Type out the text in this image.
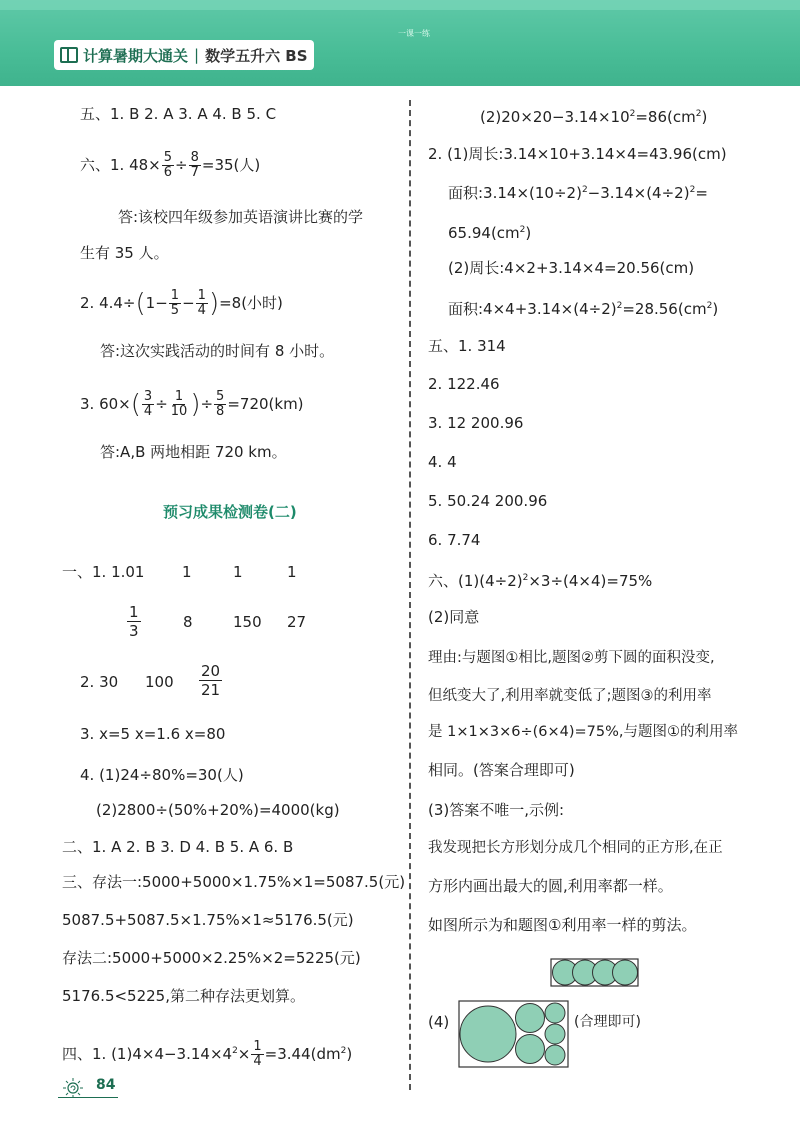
一课一练
计算暑期大通关 | 数学五升六 BS
五、1. B 2. A 3. A 4. B 5. C
六、1. $48\times \frac{5}{6} \div \frac{8}{7} =35$(人)
答:该校四年级参加英语演讲比赛的学
生有 35 人。
2. $4.4\div(1- \frac{1}{5} - \frac{1}{4} )=8$(小时)
答:这次实践活动的时间有 8 小时。
3. $60\times( \frac{3}{4} \div \frac{1}{10}$ )÷ $\frac{5}{8} =720(km)$
答:A,B 两地相距 720 km。
预习成果检测卷(二)
一、1. 1.01	1	1	1
$\frac{1}{3}$	8	150 27
2. 30 $100 \frac{20}{21}$
3. x=5 x=1.6 x=80
4. (1)24÷80%=30(人)
(2)2800÷(50%+20%)=4000(kg)
二、1. A 2. B 3. D 4. B 5. A 6. B
三、存法一:5000+5000×1.75%×1=5087.5(元)
5087.5+5087.5×1.75%×1≈5176.5(元)
存法二:5000+5000×2.25%×2=5225(元)
5176.5<5225,第二种存法更划算。
四、1. $(1)4\times 4-3.14\times 4^2\times \frac{1}{4} =3.44(dm^2)$
$(2)20\times 20-3.14\times 10^2=86(cm^2)$
2. (1)周长:3.14×10+3.14×4=43.96(cm)
面积$:3.14\times(10\div 2)^2-3.14\times(4\div 2)^2=$
$65.94(cm^2)$
(2)周长:4×2+3.14×4=20.56(cm)
面积$:4\times 4+3.14\times(4\div 2)^2=28.56(cm^2)$
五、1. 314
2. 122.46
3. 12 200.96
4. 4
5. 50.24 200.96
6. 7.74
六、$(1)(4\div 2)^2\times 3\div(4\times 4)=75\%$
(2)同意
理由:与题图①相比,题图②剪下圆的面积没变,
但纸变大了,利用率就变低了;题图③的利用率
是 1×1×3×6÷(6×4)=75%,与题图①的利用率
相同。(答案合理即可)
(3)答案不唯一,示例:
我发现把长方形划分成几个相同的正方形,在正
方形内画出最大的圆,利用率都一样。
如图所示为和题图①利用率一样的剪法。
(4)	(合理即可)
84
